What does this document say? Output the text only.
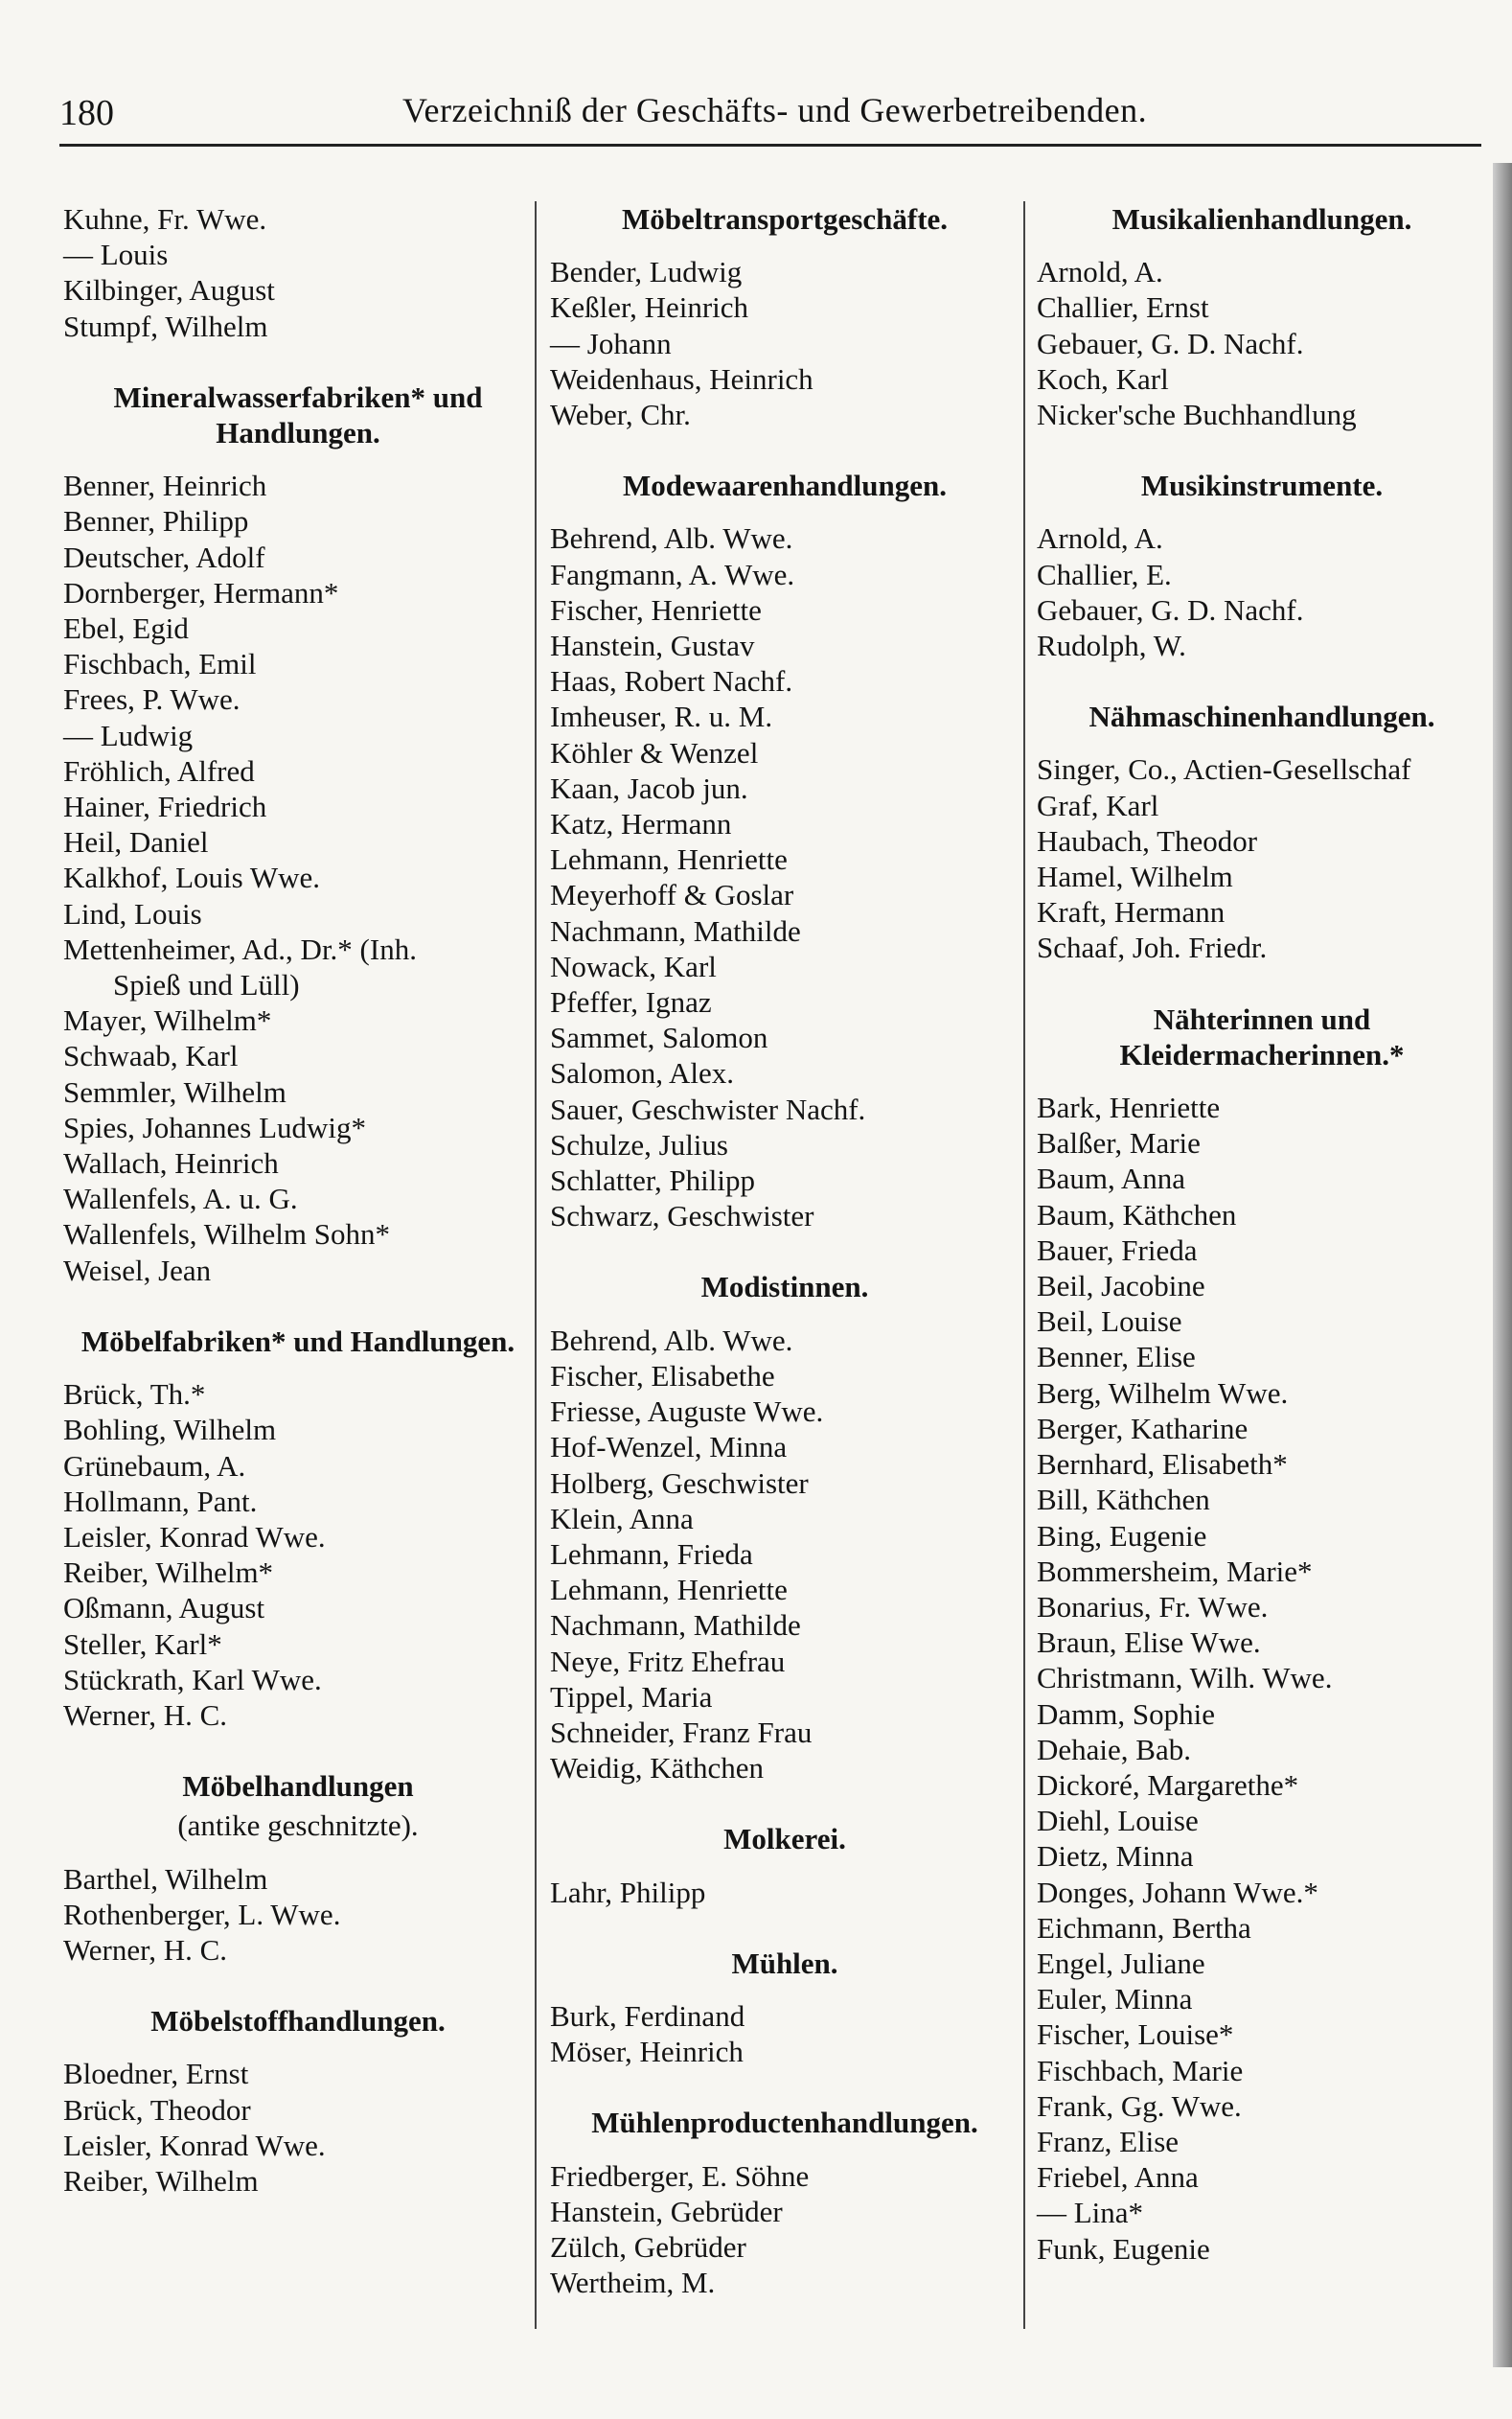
180	Verzeichniß der Geschäfts- und Gewerbetreibenden.
Kuhne, Fr. Wwe.
— Louis
Kilbinger, August
Stumpf, Wilhelm
Mineralwasserfabriken* und Handlungen.
Benner, Heinrich
Benner, Philipp
Deutscher, Adolf
Dornberger, Hermann*
Ebel, Egid
Fischbach, Emil
Frees, P. Wwe.
— Ludwig
Fröhlich, Alfred
Hainer, Friedrich
Heil, Daniel
Kalkhof, Louis Wwe.
Lind, Louis
Mettenheimer, Ad., Dr.* (Inh.
Spieß und Lüll)
Mayer, Wilhelm*
Schwaab, Karl
Semmler, Wilhelm
Spies, Johannes Ludwig*
Wallach, Heinrich
Wallenfels, A. u. G.
Wallenfels, Wilhelm Sohn*
Weisel, Jean
Möbelfabriken* und Handlungen.
Brück, Th.*
Bohling, Wilhelm
Grünebaum, A.
Hollmann, Pant.
Leisler, Konrad Wwe.
Reiber, Wilhelm*
Oßmann, August
Steller, Karl*
Stückrath, Karl Wwe.
Werner, H. C.
Möbelhandlungen
(antike geschnitzte).
Barthel, Wilhelm
Rothenberger, L. Wwe.
Werner, H. C.
Möbelstoffhandlungen.
Bloedner, Ernst
Brück, Theodor
Leisler, Konrad Wwe.
Reiber, Wilhelm
Möbeltransportgeschäfte.
Bender, Ludwig
Keßler, Heinrich
— Johann
Weidenhaus, Heinrich
Weber, Chr.
Modewaarenhandlungen.
Behrend, Alb. Wwe.
Fangmann, A. Wwe.
Fischer, Henriette
Hanstein, Gustav
Haas, Robert Nachf.
Imheuser, R. u. M.
Köhler & Wenzel
Kaan, Jacob jun.
Katz, Hermann
Lehmann, Henriette
Meyerhoff & Goslar
Nachmann, Mathilde
Nowack, Karl
Pfeffer, Ignaz
Sammet, Salomon
Salomon, Alex.
Sauer, Geschwister Nachf.
Schulze, Julius
Schlatter, Philipp
Schwarz, Geschwister
Modistinnen.
Behrend, Alb. Wwe.
Fischer, Elisabethe
Friesse, Auguste Wwe.
Hof-Wenzel, Minna
Holberg, Geschwister
Klein, Anna
Lehmann, Frieda
Lehmann, Henriette
Nachmann, Mathilde
Neye, Fritz Ehefrau
Tippel, Maria
Schneider, Franz Frau
Weidig, Käthchen
Molkerei.
Lahr, Philipp
Mühlen.
Burk, Ferdinand
Möser, Heinrich
Mühlenproductenhandlungen.
Friedberger, E. Söhne
Hanstein, Gebrüder
Zülch, Gebrüder
Wertheim, M.
Musikalienhandlungen.
Arnold, A.
Challier, Ernst
Gebauer, G. D. Nachf.
Koch, Karl
Nicker'sche Buchhandlung
Musikinstrumente.
Arnold, A.
Challier, E.
Gebauer, G. D. Nachf.
Rudolph, W.
Nähmaschinenhandlungen.
Singer, Co., Actien-Gesellschaf
Graf, Karl
Haubach, Theodor
Hamel, Wilhelm
Kraft, Hermann
Schaaf, Joh. Friedr.
Nähterinnen und Kleidermacherinnen.*
Bark, Henriette
Balßer, Marie
Baum, Anna
Baum, Käthchen
Bauer, Frieda
Beil, Jacobine
Beil, Louise
Benner, Elise
Berg, Wilhelm Wwe.
Berger, Katharine
Bernhard, Elisabeth*
Bill, Käthchen
Bing, Eugenie
Bommersheim, Marie*
Bonarius, Fr. Wwe.
Braun, Elise Wwe.
Christmann, Wilh. Wwe.
Damm, Sophie
Dehaie, Bab.
Dickoré, Margarethe*
Diehl, Louise
Dietz, Minna
Donges, Johann Wwe.*
Eichmann, Bertha
Engel, Juliane
Euler, Minna
Fischer, Louise*
Fischbach, Marie
Frank, Gg. Wwe.
Franz, Elise
Friebel, Anna
— Lina*
Funk, Eugenie
